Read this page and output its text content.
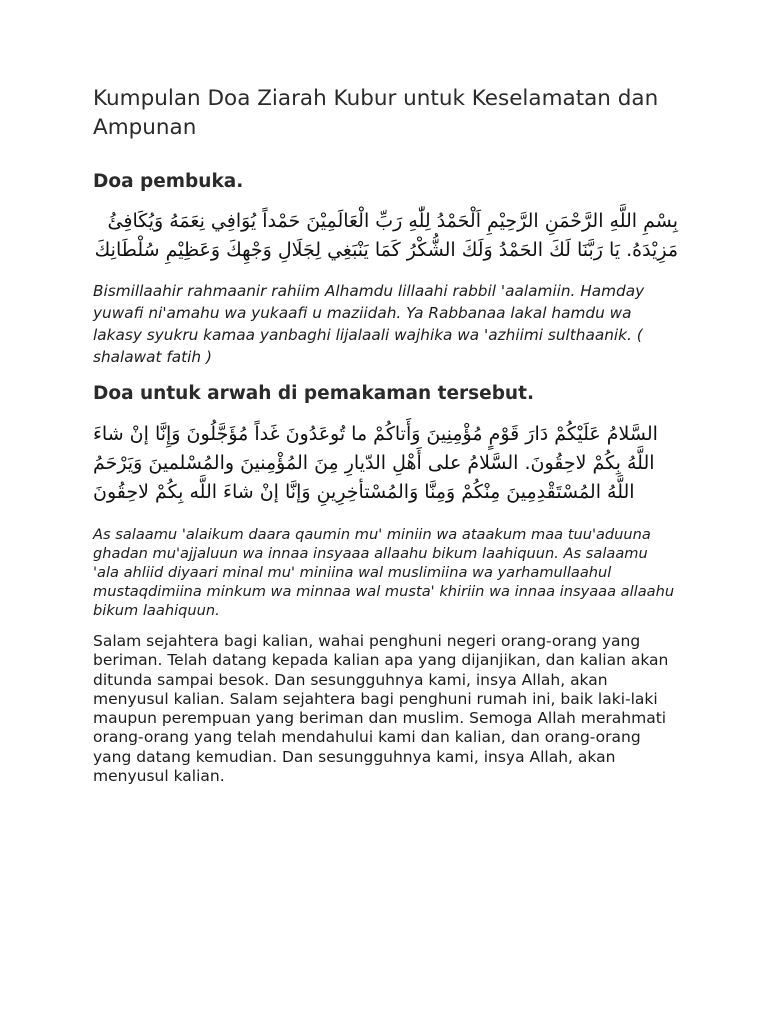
Kumpulan Doa Ziarah Kubur untuk Keselamatan dan Ampunan
Doa pembuka.

بِسْمِ اللَّهِ الرَّحْمَنِ الرَّحِيْمِ اَلْحَمْدُ لِلّٰهِ رَبِّ الْعَالَمِيْنَ حَمْداً يُوَافِي نِعَمَهُ وَيُكَافِئُ مَزِيْدَهُ. يَا رَبَّنَا لَكَ الحَمْدُ وَلَكَ الشُّكْرُ كَمَا يَنْبَغِي لِجَلَالِ وَجْهِكَ وَعَظِيْمِ سُلْطَانِكَ

Bismillaahir rahmaanir rahiim Alhamdu lillaahi rabbil 'aalamiin. Hamday yuwafi ni'amahu wa yukaafi u maziidah. Ya Rabbanaa lakal hamdu wa lakasy syukru kamaa yanbaghi lijalaali wajhika wa 'azhiimi sulthaanik. ( shalawat fatih )

Doa untuk arwah di pemakaman tersebut.

السَّلامُ عَلَيْكُمْ دَارَ قَوْمٍ مُؤْمِنِينَ وَأَتاكُمْ ما تُوعَدُونَ غَداً مُؤَجَّلُونَ وَإِنَّا إنْ شاءَ اللَّهُ بِكُمْ لاحِقُونَ. السَّلامُ على أَهْلِ الدّيارِ مِنَ المُؤْمِنينَ والمُسْلمينَ وَيَرْحَمُ اللَّهُ المُسْتَقْدِمِينَ مِنْكُمْ وَمِنَّا وَالمُسْتأخِرِينِ وَإنَّا إنْ شاءَ اللَّه بِكُمْ لاحِقُونَ

As salaamu 'alaikum daara qaumin mu' miniin wa ataakum maa tuu'aduuna ghadan mu'ajjaluun wa innaa insyaaa allaahu bikum laahiquun. As salaamu 'ala ahliid diyaari minal mu' miniina wal muslimiina wa yarhamullaahul mustaqdimiina minkum wa minnaa wal musta' khiriin wa innaa insyaaa allaahu bikum laahiquun.

Salam sejahtera bagi kalian, wahai penghuni negeri orang-orang yang beriman. Telah datang kepada kalian apa yang dijanjikan, dan kalian akan ditunda sampai besok. Dan sesungguhnya kami, insya Allah, akan menyusul kalian. Salam sejahtera bagi penghuni rumah ini, baik laki-laki maupun perempuan yang beriman dan muslim. Semoga Allah merahmati orang-orang yang telah mendahului kami dan kalian, dan orang-orang yang datang kemudian. Dan sesungguhnya kami, insya Allah, akan menyusul kalian.
